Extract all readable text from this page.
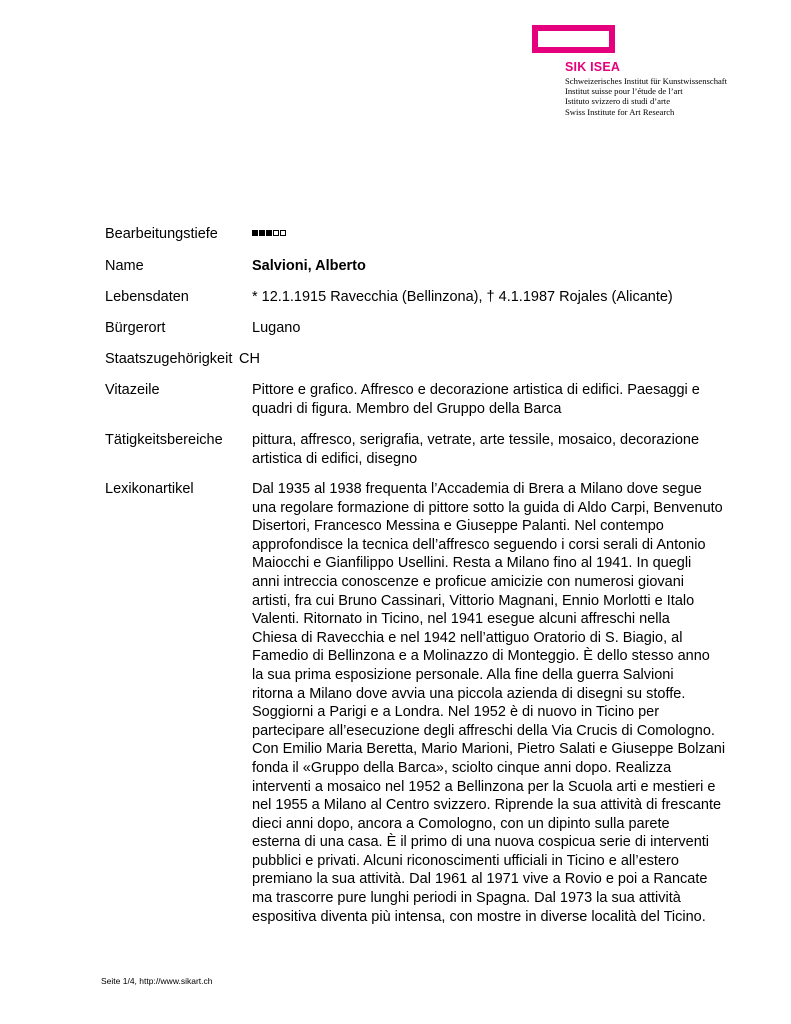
SIK ISEA
Schweizerisches Institut für Kunstwissenschaft
Institut suisse pour l’étude de l’art
Istituto svizzero di studi d’arte
Swiss Institute for Art Research
Bearbeitungstiefe
Name	Salvioni, Alberto
Lebensdaten	* 12.1.1915 Ravecchia (Bellinzona), † 4.1.1987 Rojales (Alicante)
Bürgerort	Lugano
Staatszugehörigkeit CH
Vitazeile	Pittore e grafico. Affresco e decorazione artistica di edifici. Paesaggi e
quadri di figura. Membro del Gruppo della Barca
Tätigkeitsbereiche pittura, affresco, serigrafia, vetrate, arte tessile, mosaico, decorazione
artistica di edifici, disegno
Lexikonartikel	Dal 1935 al 1938 frequenta l’Accademia di Brera a Milano dove segue
una regolare formazione di pittore sotto la guida di Aldo Carpi, Benvenuto
Disertori, Francesco Messina e Giuseppe Palanti. Nel contempo
approfondisce la tecnica dell’affresco seguendo i corsi serali di Antonio
Maiocchi e Gianfilippo Usellini. Resta a Milano fino al 1941. In quegli
anni intreccia conoscenze e proficue amicizie con numerosi giovani
artisti, fra cui Bruno Cassinari, Vittorio Magnani, Ennio Morlotti e Italo
Valenti. Ritornato in Ticino, nel 1941 esegue alcuni affreschi nella
Chiesa di Ravecchia e nel 1942 nell’attiguo Oratorio di S. Biagio, al
Famedio di Bellinzona e a Molinazzo di Monteggio. È dello stesso anno
la sua prima esposizione personale. Alla fine della guerra Salvioni
ritorna a Milano dove avvia una piccola azienda di disegni su stoffe.
Soggiorni a Parigi e a Londra. Nel 1952 è di nuovo in Ticino per
partecipare all’esecuzione degli affreschi della Via Crucis di Comologno.
Con Emilio Maria Beretta, Mario Marioni, Pietro Salati e Giuseppe Bolzani
fonda il «Gruppo della Barca», sciolto cinque anni dopo. Realizza
interventi a mosaico nel 1952 a Bellinzona per la Scuola arti e mestieri e
nel 1955 a Milano al Centro svizzero. Riprende la sua attività di frescante
dieci anni dopo, ancora a Comologno, con un dipinto sulla parete
esterna di una casa. È il primo di una nuova cospicua serie di interventi
pubblici e privati. Alcuni riconoscimenti ufficiali in Ticino e all’estero
premiano la sua attività. Dal 1961 al 1971 vive a Rovio e poi a Rancate
ma trascorre pure lunghi periodi in Spagna. Dal 1973 la sua attività
espositiva diventa più intensa, con mostre in diverse località del Ticino.
Seite 1/4, http://www.sikart.ch
